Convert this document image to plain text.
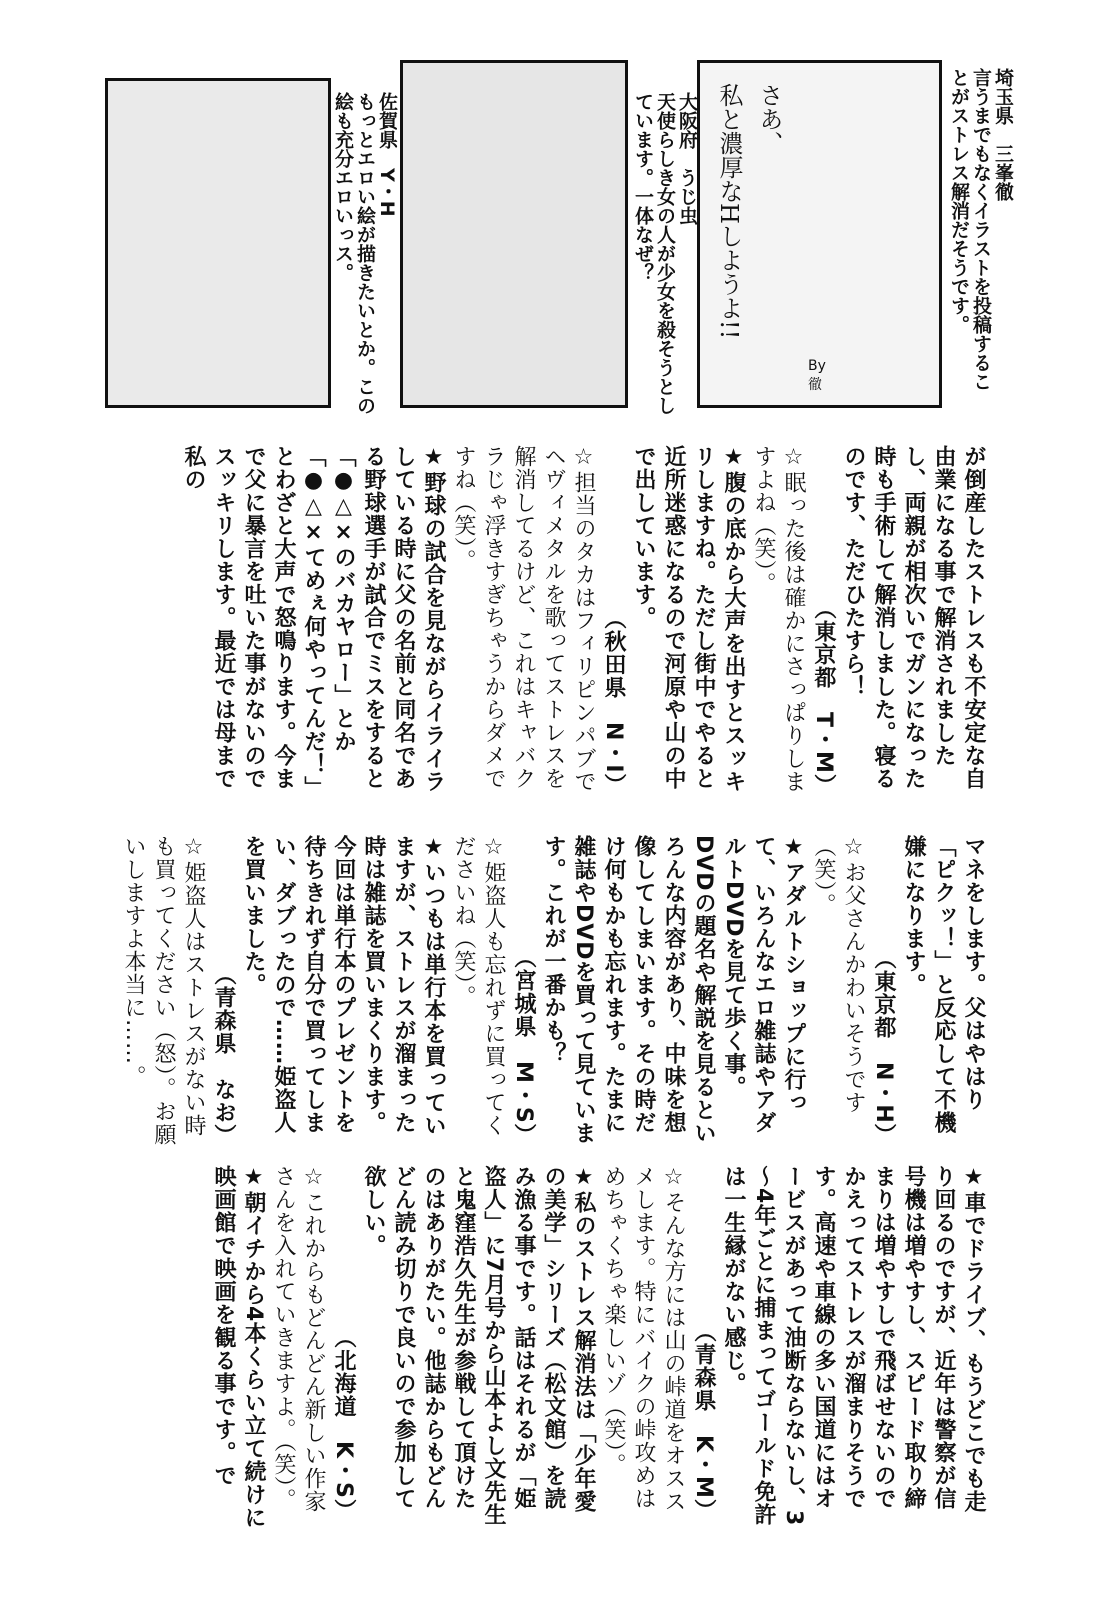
さあ、
私と濃厚なHしようよ!!
By 徹
埼玉県　三峯徹
言うまでもなくイラストを投稿することがストレス解消だそうです。
大阪府　うじ虫
天使らしき女の人が少女を殺そうとしています。一体なぜ？
佐賀県　Y・H
もっとエロい絵が描きたいとか。この絵も充分エロいっス。

が倒産したストレスも不安定な自由業になる事で解消されましたし、両親が相次いでガンになった時も手術して解消しました。寝るのです、ただひたすら！

（東京都　T・M）

☆眠った後は確かにさっぱりしますよね（笑）。

★腹の底から大声を出すとスッキリしますね。ただし街中でやると近所迷惑になるので河原や山の中で出しています。

（秋田県　N・I）

☆担当のタカはフィリピンパブでヘヴィメタルを歌ってストレスを解消してるけど、これはキャバクラじゃ浮きすぎちゃうからダメですね（笑）。

★野球の試合を見ながらイライラしている時に父の名前と同名である野球選手が試合でミスをすると「●△×のバカヤロー」とか「●△×てめぇ何やってんだ！」とわざと大声で怒鳴ります。今まで父に暴言を吐いた事がないのでスッキリします。最近では母まで私の

マネをします。父はやはり「ピクッ！」と反応して不機嫌になります。

（東京都　N・H）

☆お父さんかわいそうです（笑）。

★アダルトショップに行って、いろんなエロ雑誌やアダルトDVDを見て歩く事。DVDの題名や解説を見るといろんな内容があり、中味を想像してしまいます。その時だけ何もかも忘れます。たまに雑誌やDVDを買って見ています。これが一番かも？

（宮城県　M・S）

☆姫盗人も忘れずに買ってくださいね（笑）。

★いつもは単行本を買っていますが、ストレスが溜まった時は雑誌を買いまくります。今回は単行本のプレゼントを待ちきれず自分で買ってしまい、ダブったので……姫盗人を買いました。

（青森県　なお）

☆姫盗人はストレスがない時も買ってください（怒）。お願いしますよ本当に……。

★車でドライブ、もうどこでも走り回るのですが、近年は警察が信号機は増やすし、スピード取り締まりは増やすしで飛ばせないのでかえってストレスが溜まりそうです。高速や車線の多い国道にはオービスがあって油断ならないし、3～4年ごとに捕まってゴールド免許は一生縁がない感じ。

（青森県　K・M）

☆そんな方には山の峠道をオススメします。特にバイクの峠攻めはめちゃくちゃ楽しいゾ（笑）。

★私のストレス解消法は「少年愛の美学」シリーズ（松文館）を読み漁る事です。話はそれるが「姫盗人」に7月号から山本よし文先生と鬼窪浩久先生が参戦して頂けたのはありがたい。他誌からもどんどん読み切りで良いので参加して欲しい。

（北海道　K・S）

☆これからもどんどん新しい作家さんを入れていきますよ。（笑）。

★朝イチから4本くらい立て続けに映画館で映画を観る事です。で
